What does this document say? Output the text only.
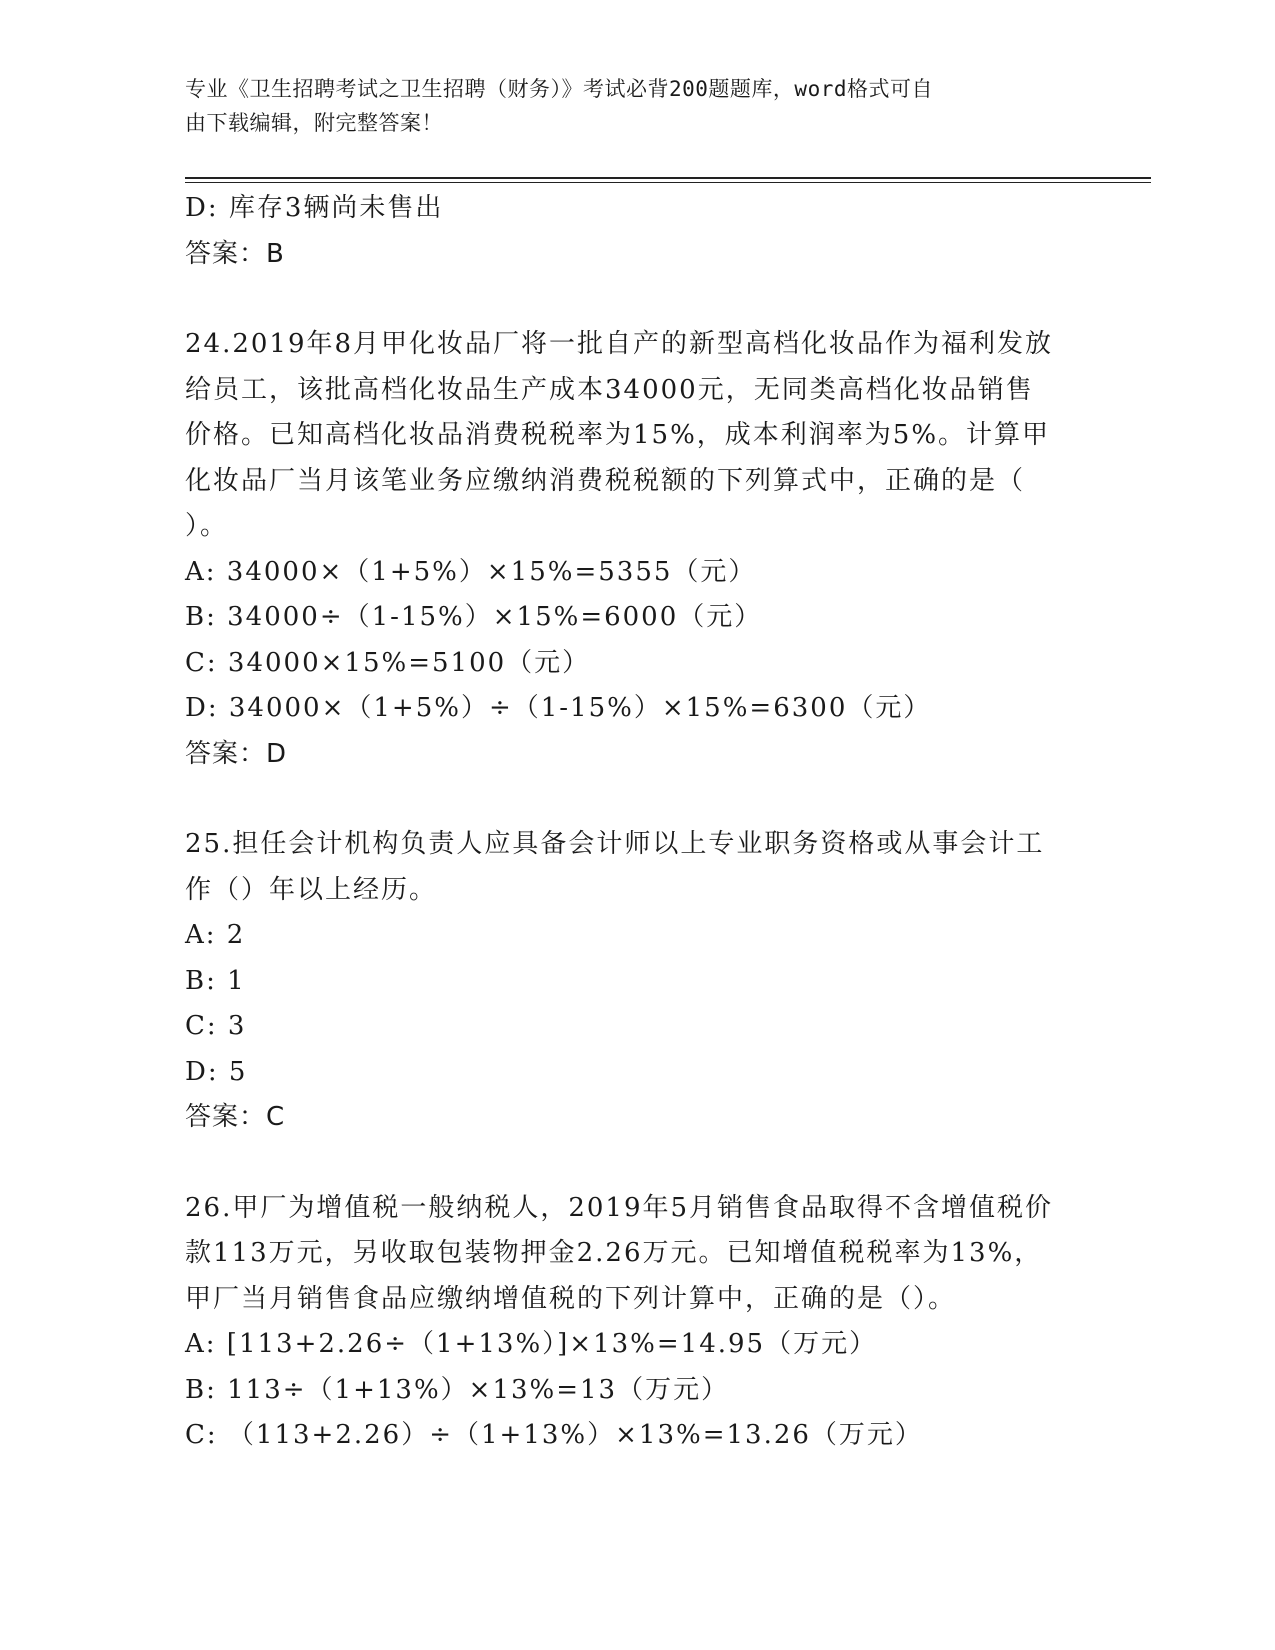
专业《卫生招聘考试之卫生招聘（财务）》考试必背200题题库，word格式可自
由下载编辑，附完整答案！
D: 库存3辆尚未售出
答案：B
24.2019年8月甲化妆品厂将一批自产的新型高档化妆品作为福利发放
给员工，该批高档化妆品生产成本34000元，无同类高档化妆品销售
价格。已知高档化妆品消费税税率为15%，成本利润率为5%。计算甲
化妆品厂当月该笔业务应缴纳消费税税额的下列算式中，正确的是（
）。
A: 34000×（1+5%）×15%=5355（元）
B: 34000÷（1-15%）×15%=6000（元）
C: 34000×15%=5100（元）
D: 34000×（1+5%）÷（1-15%）×15%=6300（元）
答案：D
25.担任会计机构负责人应具备会计师以上专业职务资格或从事会计工
作（）年以上经历。
A: 2
B: 1
C: 3
D: 5
答案：C
26.甲厂为增值税一般纳税人，2019年5月销售食品取得不含增值税价
款113万元，另收取包装物押金2.26万元。已知增值税税率为13%，
甲厂当月销售食品应缴纳增值税的下列计算中，正确的是（）。
A: [113+2.26÷（1+13%）]×13%=14.95（万元）
B: 113÷（1+13%）×13%=13（万元）
C: （113+2.26）÷（1+13%）×13%=13.26（万元）
